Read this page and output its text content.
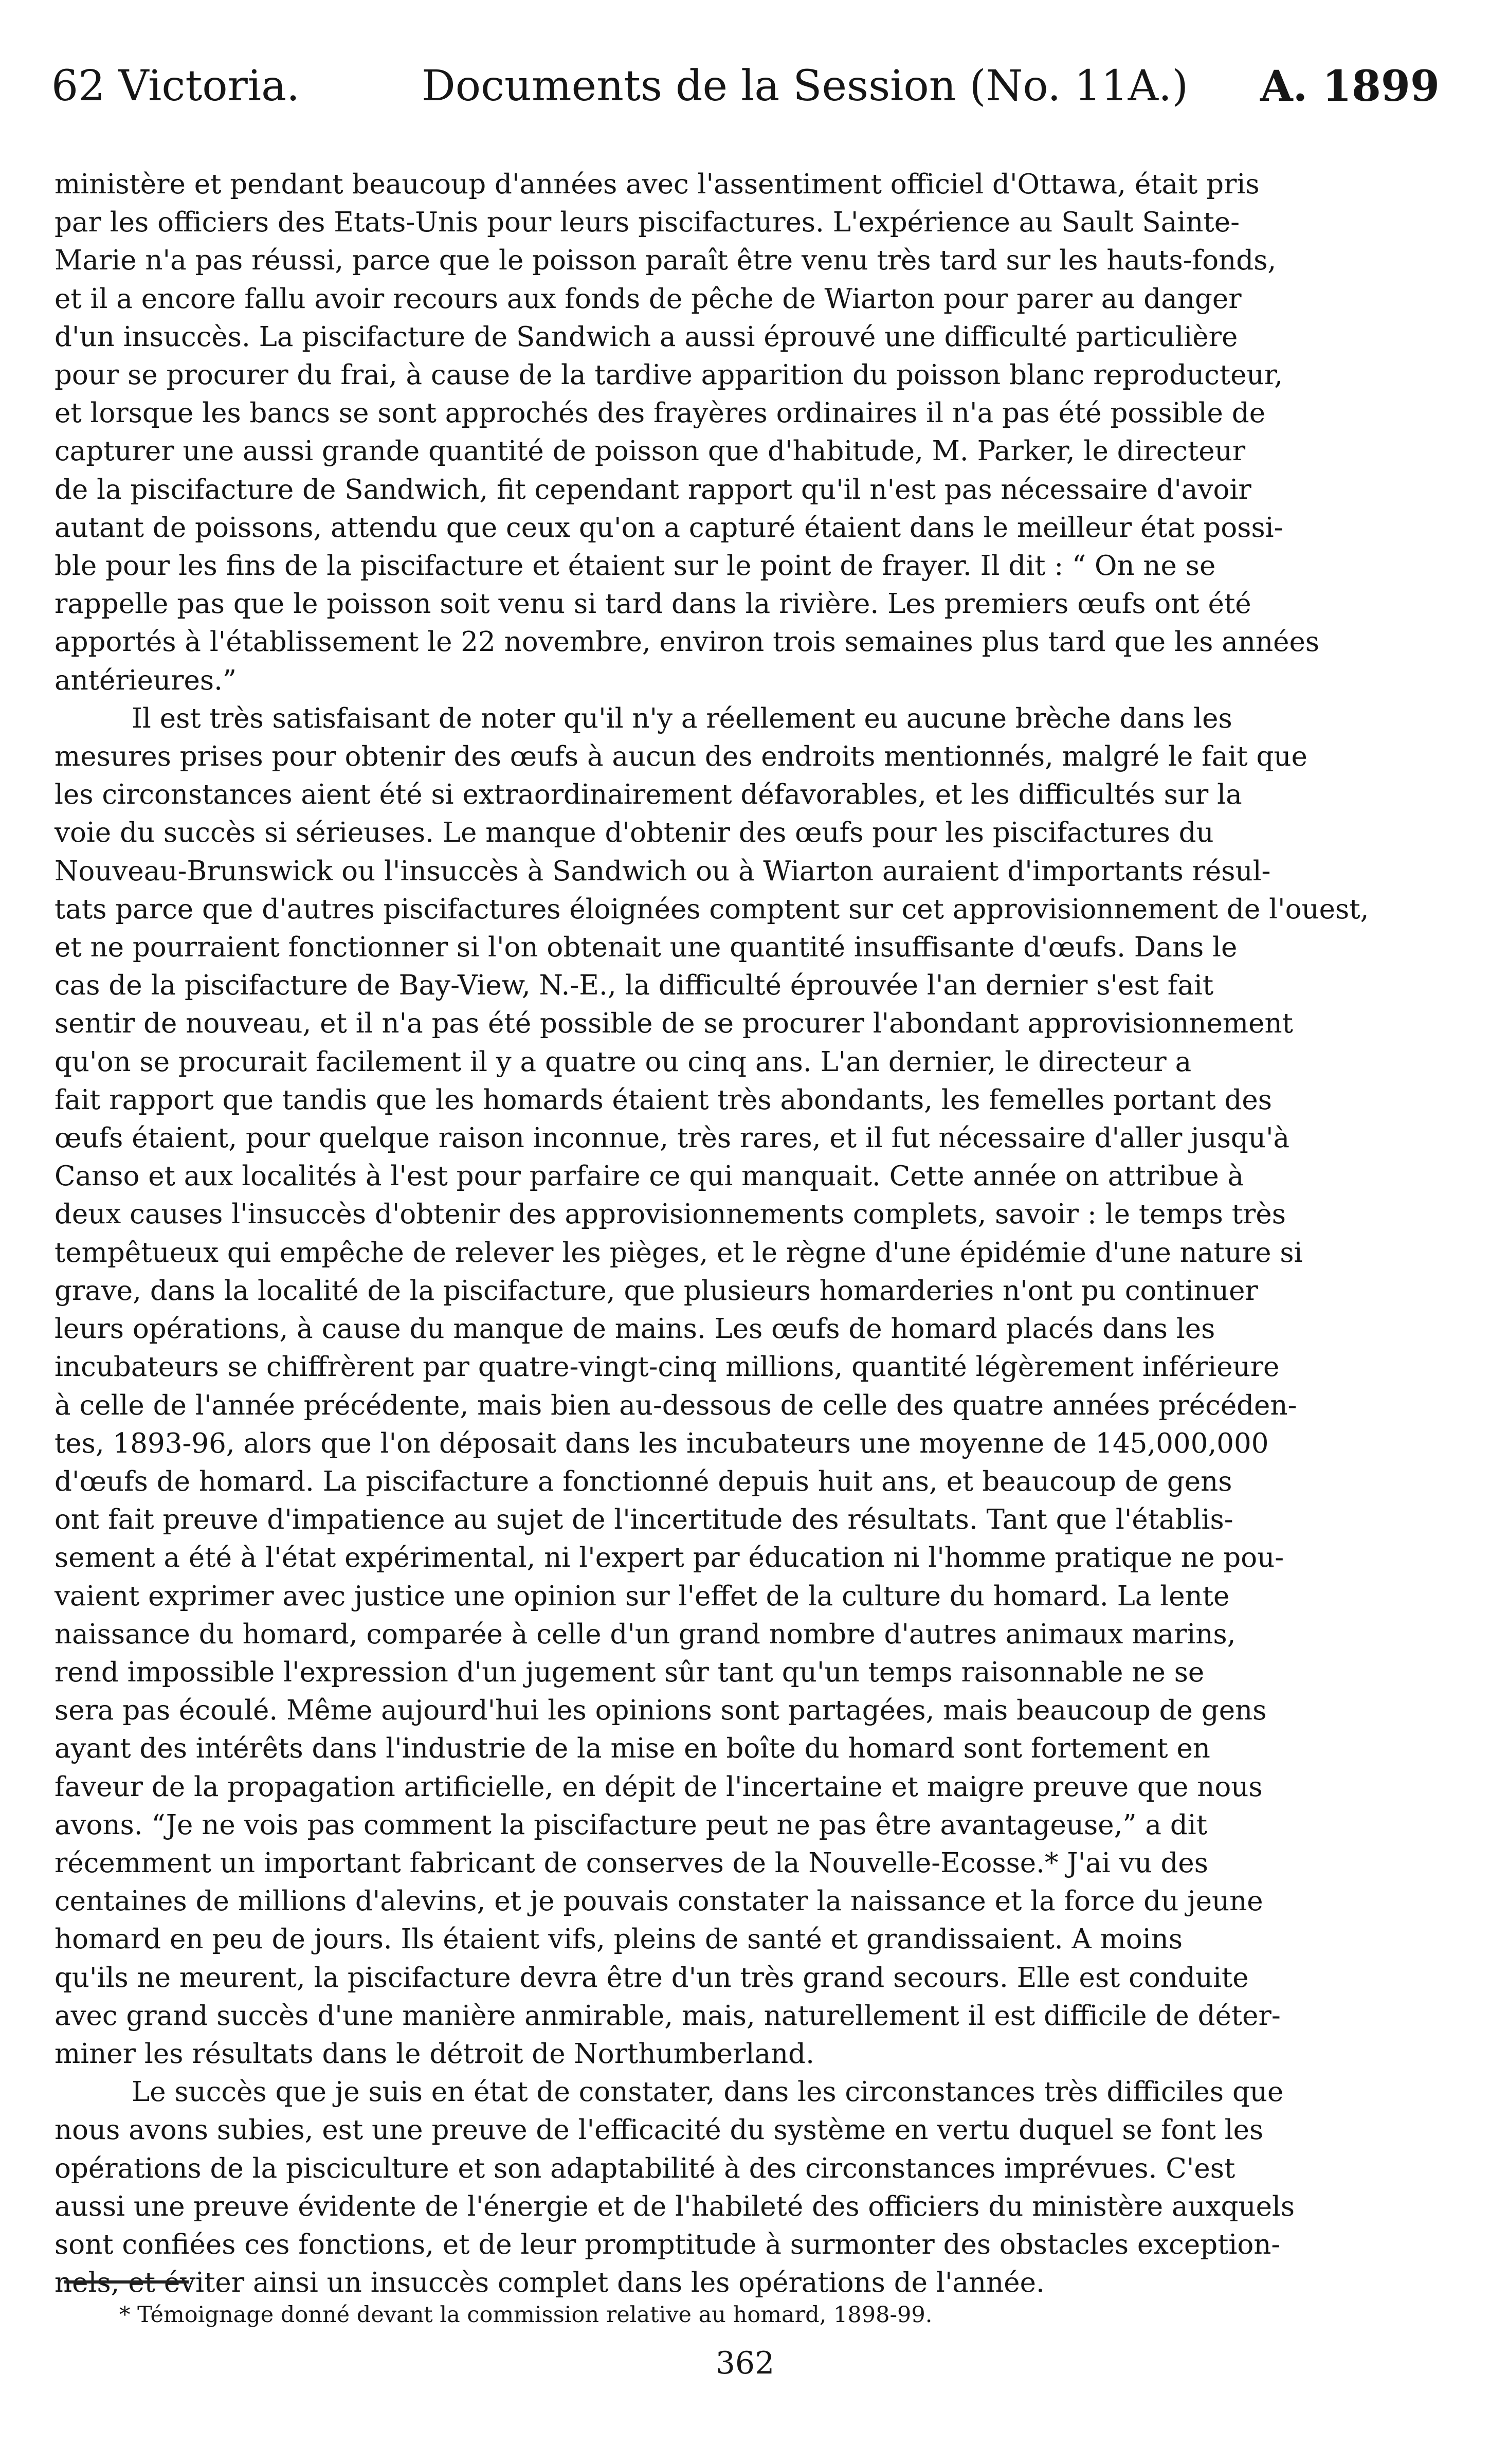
62 Victoria.	Documents de la Session (No. 11A.) A. 1899

ministère et pendant beaucoup d'années avec l'assentiment officiel d'Ottawa, était pris
par les officiers des Etats-Unis pour leurs piscifactures. L'expérience au Sault Sainte-
Marie n'a pas réussi, parce que le poisson paraît être venu très tard sur les hauts-fonds,
et il a encore fallu avoir recours aux fonds de pêche de Wiarton pour parer au danger
d'un insuccès. La piscifacture de Sandwich a aussi éprouvé une difficulté particulière
pour se procurer du frai, à cause de la tardive apparition du poisson blanc reproducteur,
et lorsque les bancs se sont approchés des frayères ordinaires il n'a pas été possible de
capturer une aussi grande quantité de poisson que d'habitude, M. Parker, le directeur
de la piscifacture de Sandwich, fit cependant rapport qu'il n'est pas nécessaire d'avoir
autant de poissons, attendu que ceux qu'on a capturé étaient dans le meilleur état possi-
ble pour les fins de la piscifacture et étaient sur le point de frayer. Il dit : “ On ne se
rappelle pas que le poisson soit venu si tard dans la rivière. Les premiers œufs ont été
apportés à l'établissement le 22 novembre, environ trois semaines plus tard que les années
antérieures.”

Il est très satisfaisant de noter qu'il n'y a réellement eu aucune brèche dans les
mesures prises pour obtenir des œufs à aucun des endroits mentionnés, malgré le fait que
les circonstances aient été si extraordinairement défavorables, et les difficultés sur la
voie du succès si sérieuses. Le manque d'obtenir des œufs pour les piscifactures du
Nouveau-Brunswick ou l'insuccès à Sandwich ou à Wiarton auraient d'importants résul-
tats parce que d'autres piscifactures éloignées comptent sur cet approvisionnement de l'ouest,
et ne pourraient fonctionner si l'on obtenait une quantité insuffisante d'œufs. Dans le
cas de la piscifacture de Bay-View, N.-E., la difficulté éprouvée l'an dernier s'est fait
sentir de nouveau, et il n'a pas été possible de se procurer l'abondant approvisionnement
qu'on se procurait facilement il y a quatre ou cinq ans. L'an dernier, le directeur a
fait rapport que tandis que les homards étaient très abondants, les femelles portant des
œufs étaient, pour quelque raison inconnue, très rares, et il fut nécessaire d'aller jusqu'à
Canso et aux localités à l'est pour parfaire ce qui manquait. Cette année on attribue à
deux causes l'insuccès d'obtenir des approvisionnements complets, savoir : le temps très
tempêtueux qui empêche de relever les pièges, et le règne d'une épidémie d'une nature si
grave, dans la localité de la piscifacture, que plusieurs homarderies n'ont pu continuer
leurs opérations, à cause du manque de mains. Les œufs de homard placés dans les
incubateurs se chiffrèrent par quatre-vingt-cinq millions, quantité légèrement inférieure
à celle de l'année précédente, mais bien au-dessous de celle des quatre années précéden-
tes, 1893-96, alors que l'on déposait dans les incubateurs une moyenne de 145,000,000
d'œufs de homard. La piscifacture a fonctionné depuis huit ans, et beaucoup de gens
ont fait preuve d'impatience au sujet de l'incertitude des résultats. Tant que l'établis-
sement a été à l'état expérimental, ni l'expert par éducation ni l'homme pratique ne pou-
vaient exprimer avec justice une opinion sur l'effet de la culture du homard. La lente
naissance du homard, comparée à celle d'un grand nombre d'autres animaux marins,
rend impossible l'expression d'un jugement sûr tant qu'un temps raisonnable ne se
sera pas écoulé. Même aujourd'hui les opinions sont partagées, mais beaucoup de gens
ayant des intérêts dans l'industrie de la mise en boîte du homard sont fortement en
faveur de la propagation artificielle, en dépit de l'incertaine et maigre preuve que nous
avons. “Je ne vois pas comment la piscifacture peut ne pas être avantageuse,” a dit
récemment un important fabricant de conserves de la Nouvelle-Ecosse.* J'ai vu des
centaines de millions d'alevins, et je pouvais constater la naissance et la force du jeune
homard en peu de jours. Ils étaient vifs, pleins de santé et grandissaient. A moins
qu'ils ne meurent, la piscifacture devra être d'un très grand secours. Elle est conduite
avec grand succès d'une manière anmirable, mais, naturellement il est difficile de déter-
miner les résultats dans le détroit de Northumberland.

Le succès que je suis en état de constater, dans les circonstances très difficiles que
nous avons subies, est une preuve de l'efficacité du système en vertu duquel se font les
opérations de la pisciculture et son adaptabilité à des circonstances imprévues. C'est
aussi une preuve évidente de l'énergie et de l'habileté des officiers du ministère auxquels
sont confiées ces fonctions, et de leur promptitude à surmonter des obstacles exception-
nels, et éviter ainsi un insuccès complet dans les opérations de l'année.

* Témoignage donné devant la commission relative au homard, 1898-99.
362
